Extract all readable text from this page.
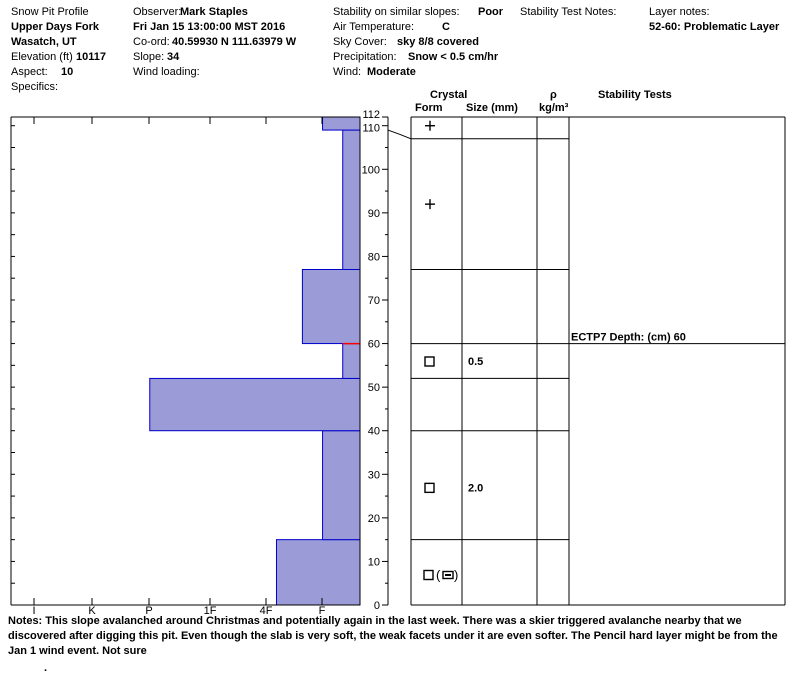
Snow Pit Profile
Upper Days Fork
Wasatch, UT
Elevation (ft) 10117
Aspect: 10
Specifics:
Observer:
Mark Staples
Fri Jan 15 13:00:00 MST 2016
Co-ord: 40.59930 N 111.63979 W
Slope: 34
Wind loading:
Stability on similar slopes: Poor
Air Temperature:	C
Sky Cover: sky 8/8 covered
Precipitation: Snow < 0.5 cm/hr
Wind: Moderate
Stability Test Notes:	Layer notes:
52-60: Problematic Layer
Crystal
Form Size (mm)
ρ
kg/m³
Stability Tests
I	K	P	1F	4F	F	0
10
20
30
40
50
60
70
80
90
100
110
112
0.5
2.0
( )
ECTP7 Depth: (cm) 60
Notes: This slope avalanched around Christmas and potentially again in the last week. There was a skier triggered avalanche nearby that we discovered after digging this pit. Even though the slab is very soft, the weak facets under it are even softer. The Pencil hard layer might be from the Jan 1 wind event. Not sure
.
